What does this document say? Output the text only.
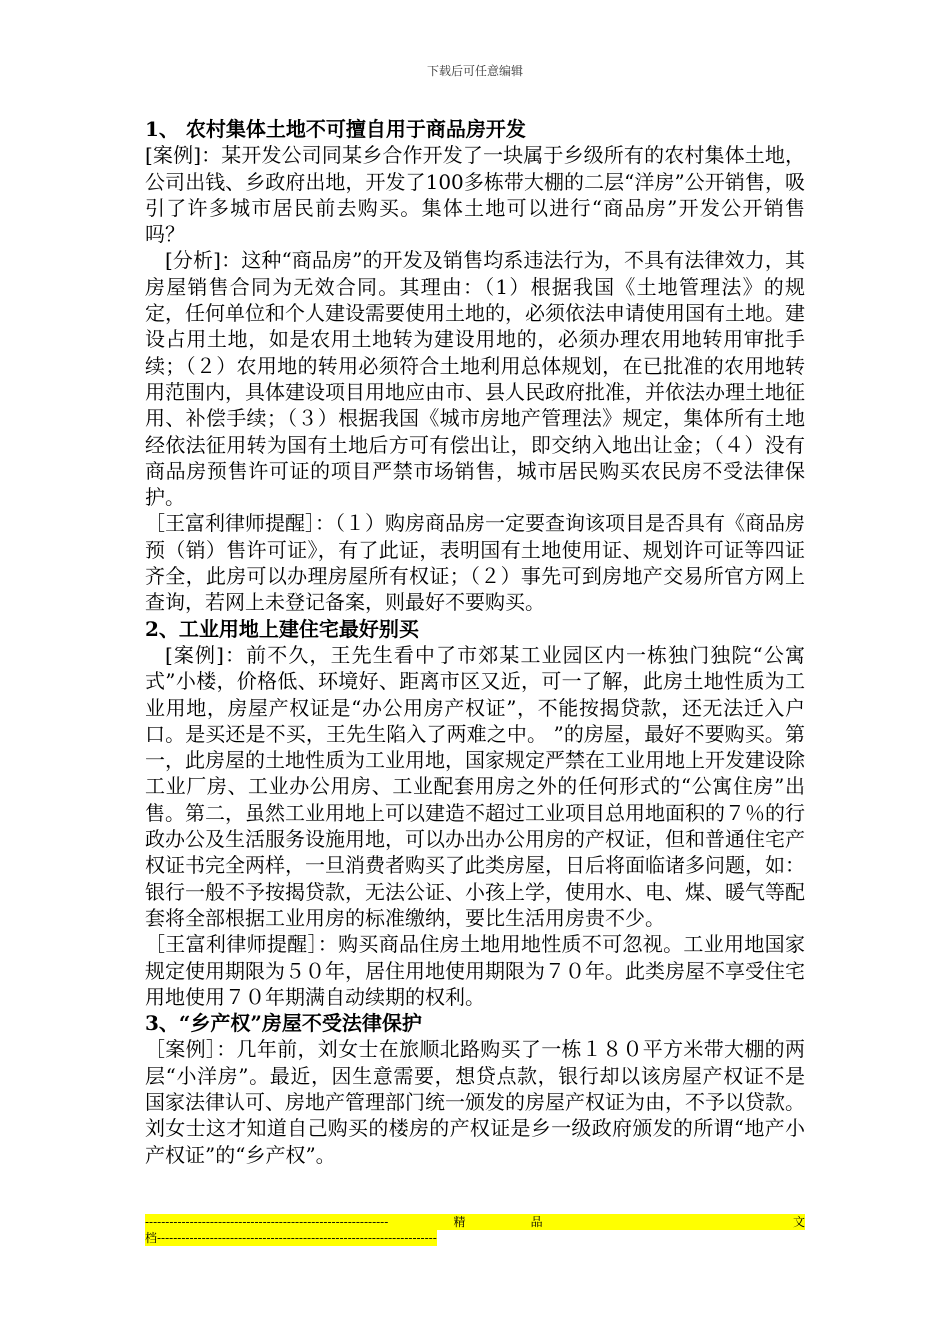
下载后可任意编辑

1、 农村集体土地不可擅自用于商品房开发

[案例]：某开发公司同某乡合作开发了一块属于乡级所有的农村集体土地，公司出钱、乡政府出地，开发了100多栋带大棚的二层“洋房”公开销售，吸引了许多城市居民前去购买。集体土地可以进行“商品房”开发公开销售吗？

[分析]：这种“商品房”的开发及销售均系违法行为，不具有法律效力，其房屋销售合同为无效合同。其理由：（1）根据我国《土地管理法》的规定，任何单位和个人建设需要使用土地的，必须依法申请使用国有土地。建设占用土地，如是农用土地转为建设用地的，必须办理农用地转用审批手续；（２）农用地的转用必须符合土地利用总体规划，在已批准的农用地转用范围内，具体建设项目用地应由市、县人民政府批准，并依法办理土地征用、补偿手续；（３）根据我国《城市房地产管理法》规定，集体所有土地经依法征用转为国有土地后方可有偿出让，即交纳入地出让金；（４）没有商品房预售许可证的项目严禁市场销售，城市居民购买农民房不受法律保护。

［王富利律师提醒］：（１）购房商品房一定要查询该项目是否具有《商品房预（销）售许可证》，有了此证，表明国有土地使用证、规划许可证等四证齐全，此房可以办理房屋所有权证；（２）事先可到房地产交易所官方网上查询，若网上未登记备案，则最好不要购买。

2、工业用地上建住宅最好别买

[案例]：前不久，王先生看中了市郊某工业园区内一栋独门独院“公寓式”小楼，价格低、环境好、距离市区又近，可一了解，此房土地性质为工业用地，房屋产权证是“办公用房产权证”，不能按揭贷款，还无法迁入户口。是买还是不买，王先生陷入了两难之中。 ”的房屋，最好不要购买。第一，此房屋的土地性质为工业用地，国家规定严禁在工业用地上开发建设除工业厂房、工业办公用房、工业配套用房之外的任何形式的“公寓住房”出售。第二，虽然工业用地上可以建造不超过工业项目总用地面积的７％的行政办公及生活服务设施用地，可以办出办公用房的产权证，但和普通住宅产权证书完全两样，一旦消费者购买了此类房屋，日后将面临诸多问题，如：银行一般不予按揭贷款，无法公证、小孩上学，使用水、电、煤、暖气等配套将全部根据工业用房的标准缴纳，要比生活用房贵不少。

［王富利律师提醒］：购买商品住房土地用地性质不可忽视。工业用地国家规定使用期限为５０年，居住用地使用期限为７０年。此类房屋不享受住宅用地使用７０年期满自动续期的权利。

3、“乡产权”房屋不受法律保护

［案例］：几年前，刘女士在旅顺北路购买了一栋１８０平方米带大棚的两层“小洋房”。最近，因生意需要，想贷点款，银行却以该房屋产权证不是国家法律认可、房地产管理部门统一颁发的房屋产权证为由，不予以贷款。刘女士这才知道自己购买的楼房的产权证是乡一级政府颁发的所谓“地产小产权证”的“乡产权”。

------------------------------------------------------------	精	品	文
档---------------------------------------------------------------------
